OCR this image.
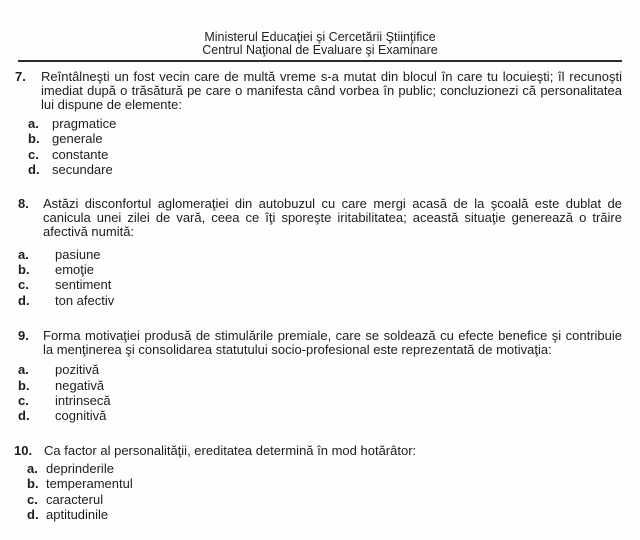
Ministerul Educaţiei şi Cercetării Ştiinţifice
Centrul Naţional de Evaluare şi Examinare
7.	Reîntâlneşti un fost vecin care de multă vreme s-a mutat din blocul în care tu locuieşti; îl recunoşti imediat după o trăsătură pe care o manifesta când vorbea în public; concluzionezi că personalitatea lui dispune de elemente:
a.	pragmatice
b. generale
c.	constante
d. secundare
8.	Astăzi disconfortul aglomeraţiei din autobuzul cu care mergi acasă de la şcoală este dublat de canicula unei zilei de vară, ceea ce îţi sporeşte iritabilitatea; această situaţie generează o trăire afectivă numită:
a.	pasiune
b.	emoţie
c.	sentiment
d.	ton afectiv
9.	Forma motivaţiei produsă de stimulările premiale, care se soldează cu efecte benefice şi contribuie la menţinerea şi consolidarea statutului socio-profesional este reprezentată de motivaţia:
a.	pozitivă
b.	negativă
c.	intrinsecă
d.	cognitivă
10. Ca factor al personalităţii, ereditatea determină în mod hotărâtor:
a. deprinderile
b. temperamentul
c. caracterul
d. aptitudinile
